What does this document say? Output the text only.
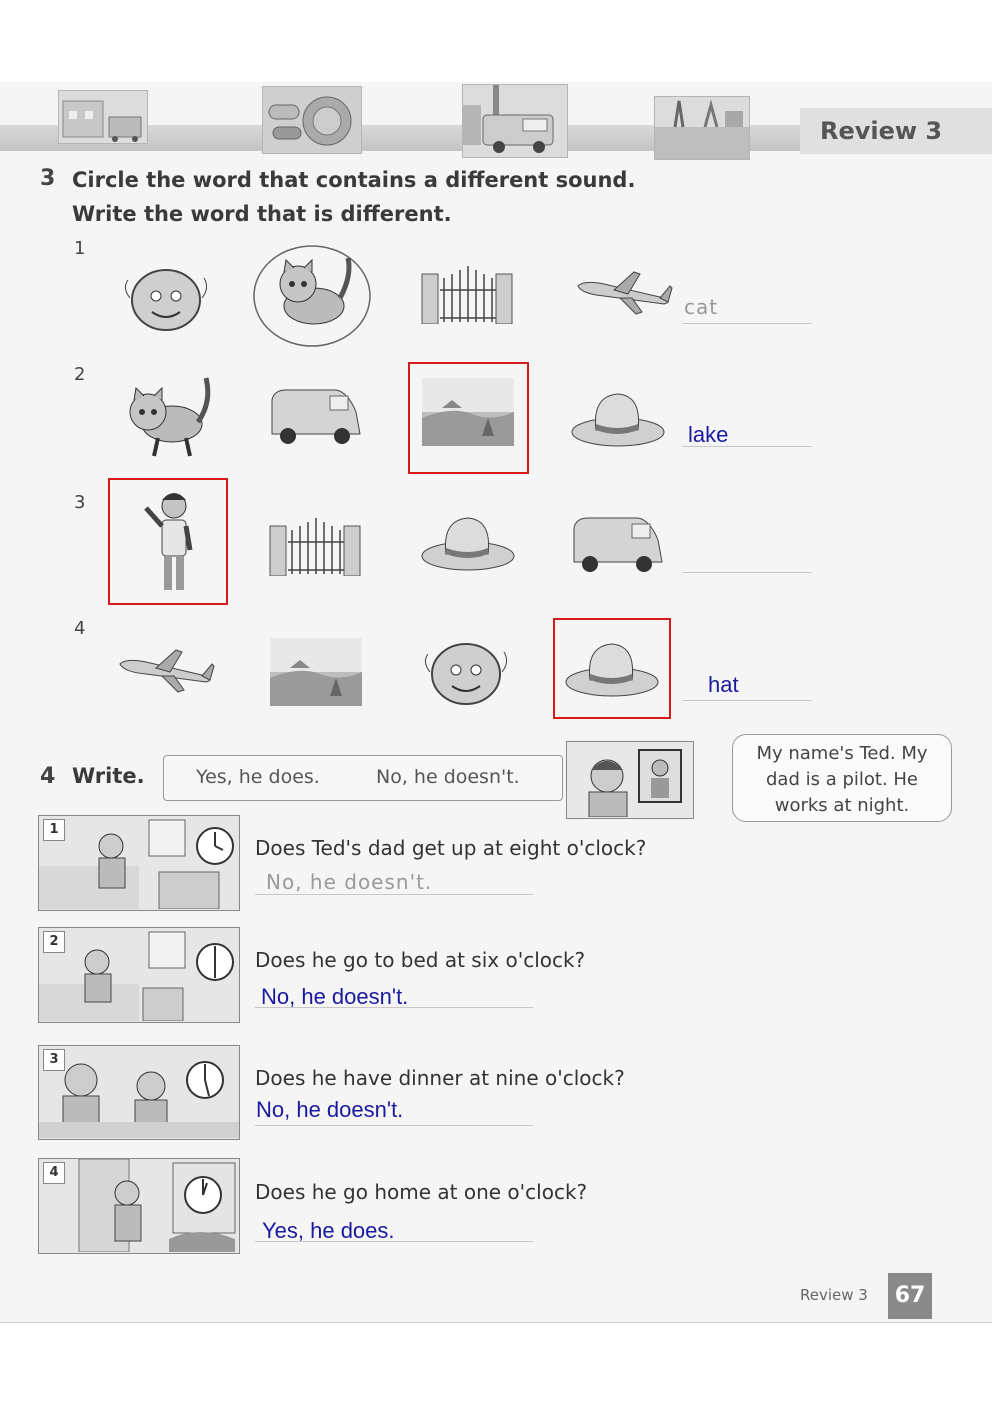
Review 3
3 Circle the word that contains a different sound.
Write the word that is different.
1
cat
2
lake
3
4
hat
4 Write.	Yes, he does.	No, he doesn't.
My name's Ted. My
dad is a pilot. He
works at night.
1
Does Ted's dad get up at eight o'clock?
No, he doesn't.
2
Does he go to bed at six o'clock?
No, he doesn't.
3
Does he have dinner at nine o'clock?
No, he doesn't.
4
Does he go home at one o'clock?
Yes, he does.
Review 3	67
